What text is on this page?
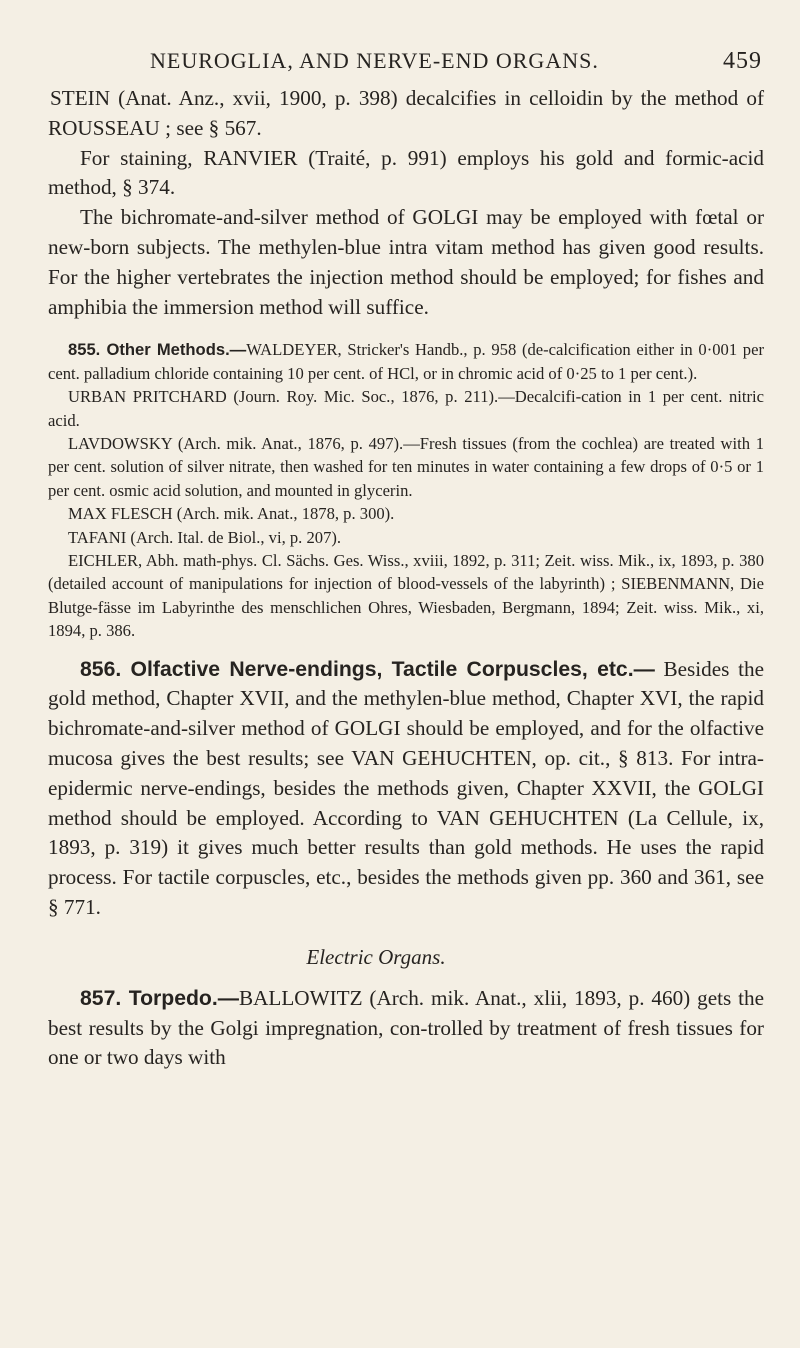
NEUROGLIA, AND NERVE-END ORGANS.	459

STEIN (Anat. Anz., xvii, 1900, p. 398) decalcifies in celloidin by the method of ROUSSEAU ; see § 567.

For staining, RANVIER (Traité, p. 991) employs his gold and formic-acid method, § 374.

The bichromate-and-silver method of GOLGI may be employed with fœtal or new-born subjects. The methylen-blue intra vitam method has given good results. For the higher vertebrates the injection method should be employed; for fishes and amphibia the immersion method will suffice.

855. Other Methods.—WALDEYER, Stricker's Handb., p. 958 (de-calcification either in 0·001 per cent. palladium chloride containing 10 per cent. of HCl, or in chromic acid of 0·25 to 1 per cent.).

URBAN PRITCHARD (Journ. Roy. Mic. Soc., 1876, p. 211).—Decalcifi-cation in 1 per cent. nitric acid.

LAVDOWSKY (Arch. mik. Anat., 1876, p. 497).—Fresh tissues (from the cochlea) are treated with 1 per cent. solution of silver nitrate, then washed for ten minutes in water containing a few drops of 0·5 or 1 per cent. osmic acid solution, and mounted in glycerin.

MAX FLESCH (Arch. mik. Anat., 1878, p. 300).

TAFANI (Arch. Ital. de Biol., vi, p. 207).

EICHLER, Abh. math-phys. Cl. Sächs. Ges. Wiss., xviii, 1892, p. 311; Zeit. wiss. Mik., ix, 1893, p. 380 (detailed account of manipulations for injection of blood-vessels of the labyrinth) ; SIEBENMANN, Die Blutge-fässe im Labyrinthe des menschlichen Ohres, Wiesbaden, Bergmann, 1894; Zeit. wiss. Mik., xi, 1894, p. 386.

856. Olfactive Nerve-endings, Tactile Corpuscles, etc.— Besides the gold method, Chapter XVII, and the methylen-blue method, Chapter XVI, the rapid bichromate-and-silver method of GOLGI should be employed, and for the olfactive mucosa gives the best results; see VAN GEHUCHTEN, op. cit., § 813. For intra-epidermic nerve-endings, besides the methods given, Chapter XXVII, the GOLGI method should be employed. According to VAN GEHUCHTEN (La Cellule, ix, 1893, p. 319) it gives much better results than gold methods. He uses the rapid process. For tactile corpuscles, etc., besides the methods given pp. 360 and 361, see § 771.

Electric Organs.

857. Torpedo.—BALLOWITZ (Arch. mik. Anat., xlii, 1893, p. 460) gets the best results by the Golgi impregnation, con-trolled by treatment of fresh tissues for one or two days with
